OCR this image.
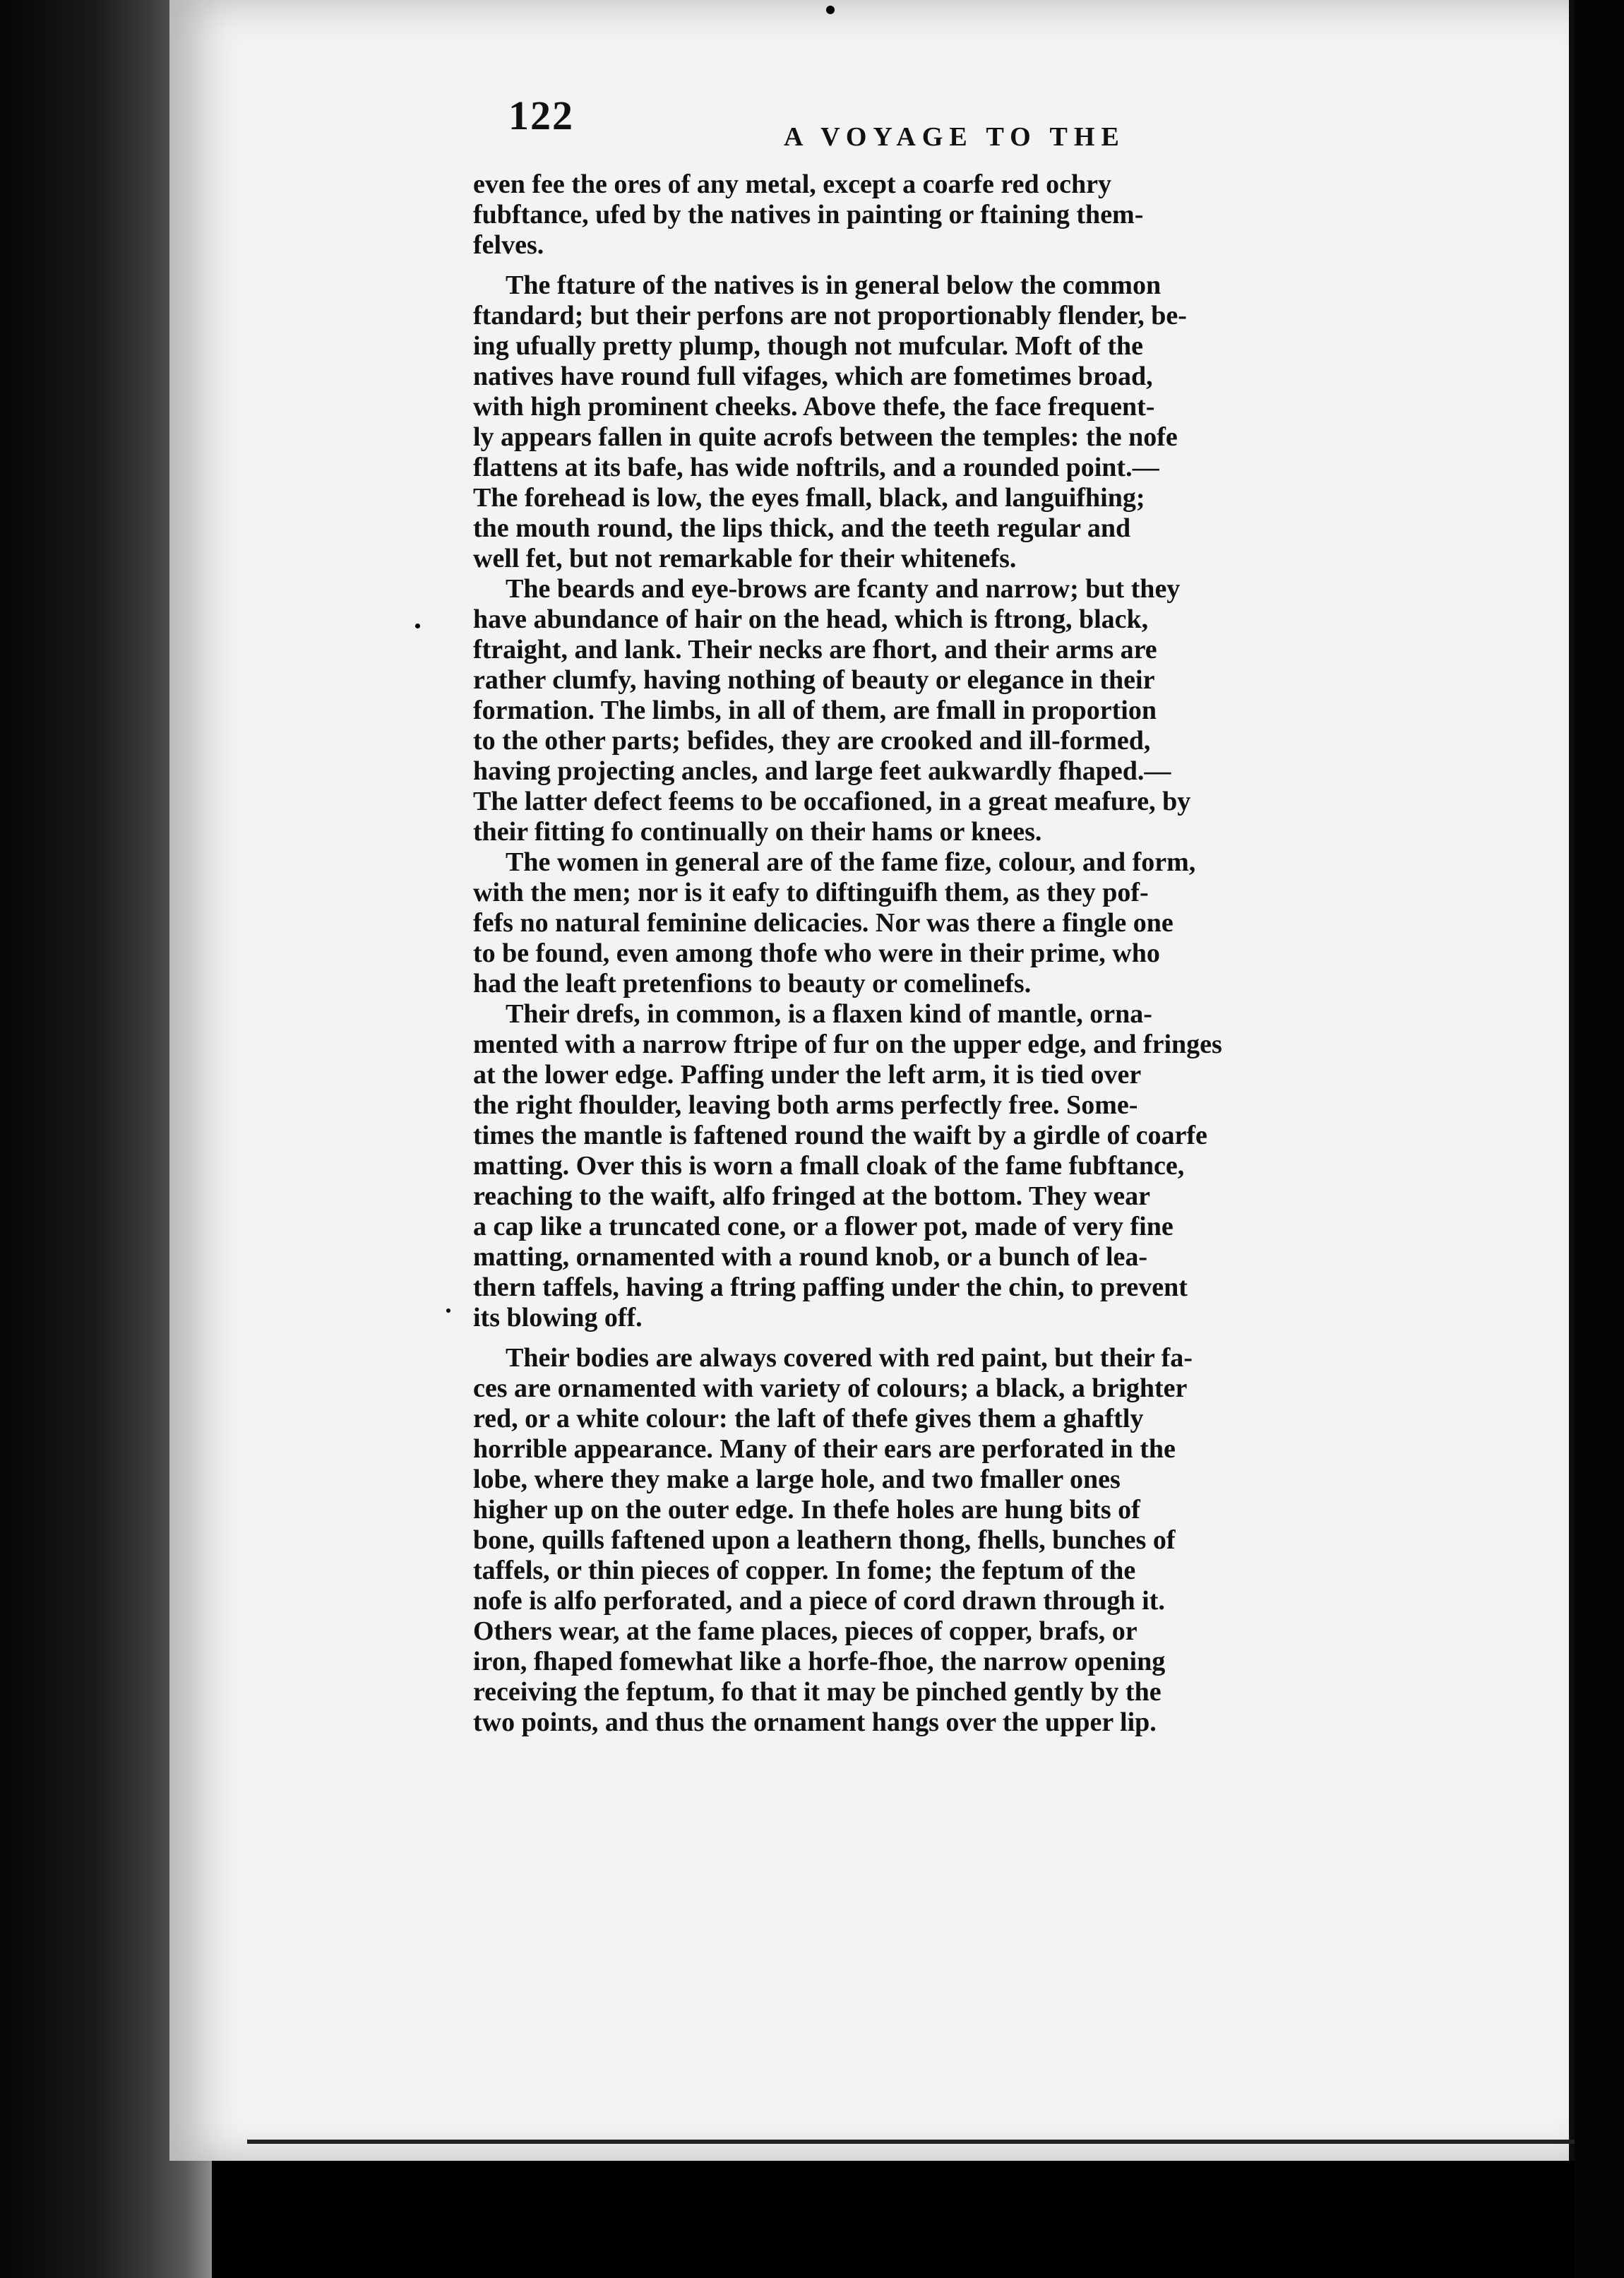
122	A VOYAGE TO THE

even fee the ores of any metal, except a coarfe red ochry
fubftance, ufed by the natives in painting or ftaining them-
felves.

The ftature of the natives is in general below the common
ftandard; but their perfons are not proportionably flender, be-
ing ufually pretty plump, though not mufcular. Moft of the
natives have round full vifages, which are fometimes broad,
with high prominent cheeks. Above thefe, the face frequent-
ly appears fallen in quite acrofs between the temples: the nofe
flattens at its bafe, has wide noftrils, and a rounded point.—
The forehead is low, the eyes fmall, black, and languifhing;
the mouth round, the lips thick, and the teeth regular and
well fet, but not remarkable for their whitenefs.

The beards and eye-brows are fcanty and narrow; but they
have abundance of hair on the head, which is ftrong, black,
ftraight, and lank. Their necks are fhort, and their arms are
rather clumfy, having nothing of beauty or elegance in their
formation. The limbs, in all of them, are fmall in proportion
to the other parts; befides, they are crooked and ill-formed,
having projecting ancles, and large feet aukwardly fhaped.—
The latter defect feems to be occafioned, in a great meafure, by
their fitting fo continually on their hams or knees.

The women in general are of the fame fize, colour, and form,
with the men; nor is it eafy to diftinguifh them, as they pof-
fefs no natural feminine delicacies. Nor was there a fingle one
to be found, even among thofe who were in their prime, who
had the leaft pretenfions to beauty or comelinefs.

Their drefs, in common, is a flaxen kind of mantle, orna-
mented with a narrow ftripe of fur on the upper edge, and fringes
at the lower edge. Paffing under the left arm, it is tied over
the right fhoulder, leaving both arms perfectly free. Some-
times the mantle is faftened round the waift by a girdle of coarfe
matting. Over this is worn a fmall cloak of the fame fubftance,
reaching to the waift, alfo fringed at the bottom. They wear
a cap like a truncated cone, or a flower pot, made of very fine
matting, ornamented with a round knob, or a bunch of lea-
thern taffels, having a ftring paffing under the chin, to prevent
its blowing off.

Their bodies are always covered with red paint, but their fa-
ces are ornamented with variety of colours; a black, a brighter
red, or a white colour: the laft of thefe gives them a ghaftly
horrible appearance. Many of their ears are perforated in the
lobe, where they make a large hole, and two fmaller ones
higher up on the outer edge. In thefe holes are hung bits of
bone, quills faftened upon a leathern thong, fhells, bunches of
taffels, or thin pieces of copper. In fome; the feptum of the
nofe is alfo perforated, and a piece of cord drawn through it.
Others wear, at the fame places, pieces of copper, brafs, or
iron, fhaped fomewhat like a horfe-fhoe, the narrow opening
receiving the feptum, fo that it may be pinched gently by the
two points, and thus the ornament hangs over the upper lip.
